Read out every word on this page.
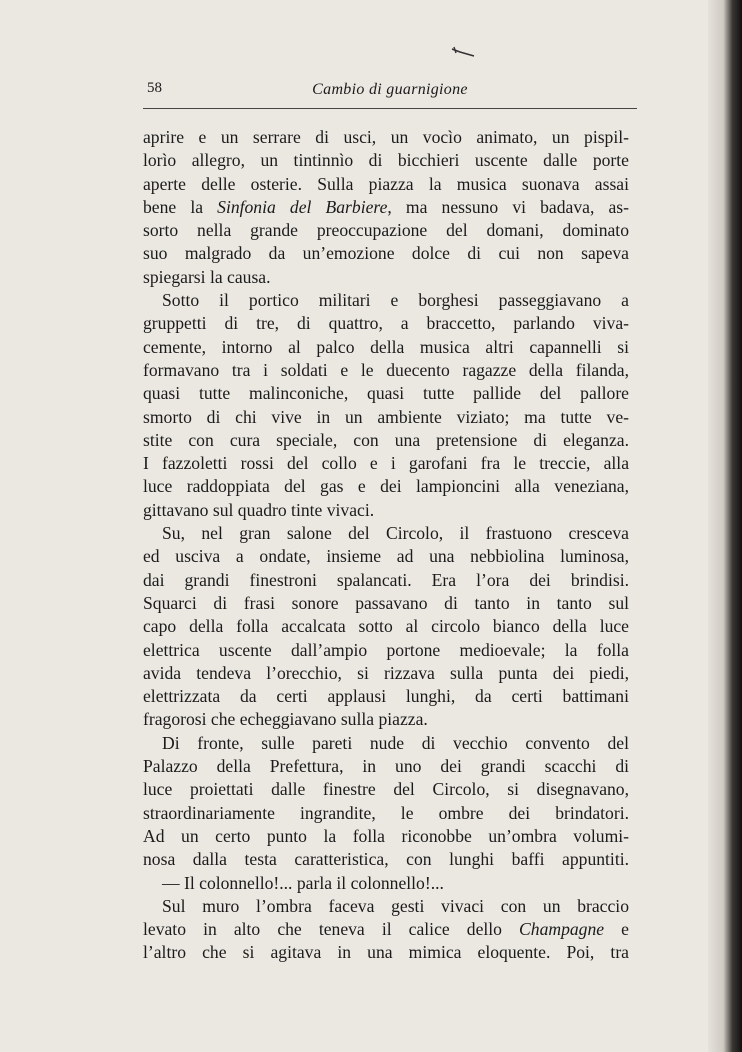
58	Cambio di guarnigione
aprire e un serrare di usci, un vocìo animato, un pispil-
lorìo allegro, un tintinnìo di bicchieri uscente dalle porte
aperte delle osterie. Sulla piazza la musica suonava assai
bene la Sinfonia del Barbiere, ma nessuno vi badava, as-
sorto nella grande preoccupazione del domani, dominato
suo malgrado da un’emozione dolce di cui non sapeva
spiegarsi la causa.
Sotto il portico militari e borghesi passeggiavano a
gruppetti di tre, di quattro, a braccetto, parlando viva-
cemente, intorno al palco della musica altri capannelli si
formavano tra i soldati e le duecento ragazze della filanda,
quasi tutte malinconiche, quasi tutte pallide del pallore
smorto di chi vive in un ambiente viziato; ma tutte ve-
stite con cura speciale, con una pretensione di eleganza.
I fazzoletti rossi del collo e i garofani fra le treccie, alla
luce raddoppiata del gas e dei lampioncini alla veneziana,
gittavano sul quadro tinte vivaci.
Su, nel gran salone del Circolo, il frastuono cresceva
ed usciva a ondate, insieme ad una nebbiolina luminosa,
dai grandi finestroni spalancati. Era l’ora dei brindisi.
Squarci di frasi sonore passavano di tanto in tanto sul
capo della folla accalcata sotto al circolo bianco della luce
elettrica uscente dall’ampio portone medioevale; la folla
avida tendeva l’orecchio, si rizzava sulla punta dei piedi,
elettrizzata da certi applausi lunghi, da certi battimani
fragorosi che echeggiavano sulla piazza.
Di fronte, sulle pareti nude di vecchio convento del
Palazzo della Prefettura, in uno dei grandi scacchi di
luce proiettati dalle finestre del Circolo, si disegnavano,
straordinariamente ingrandite, le ombre dei brindatori.
Ad un certo punto la folla riconobbe un’ombra volumi-
nosa dalla testa caratteristica, con lunghi baffi appuntiti.
— Il colonnello!... parla il colonnello!...
Sul muro l’ombra faceva gesti vivaci con un braccio
levato in alto che teneva il calice dello Champagne e
l’altro che si agitava in una mimica eloquente. Poi, tra
